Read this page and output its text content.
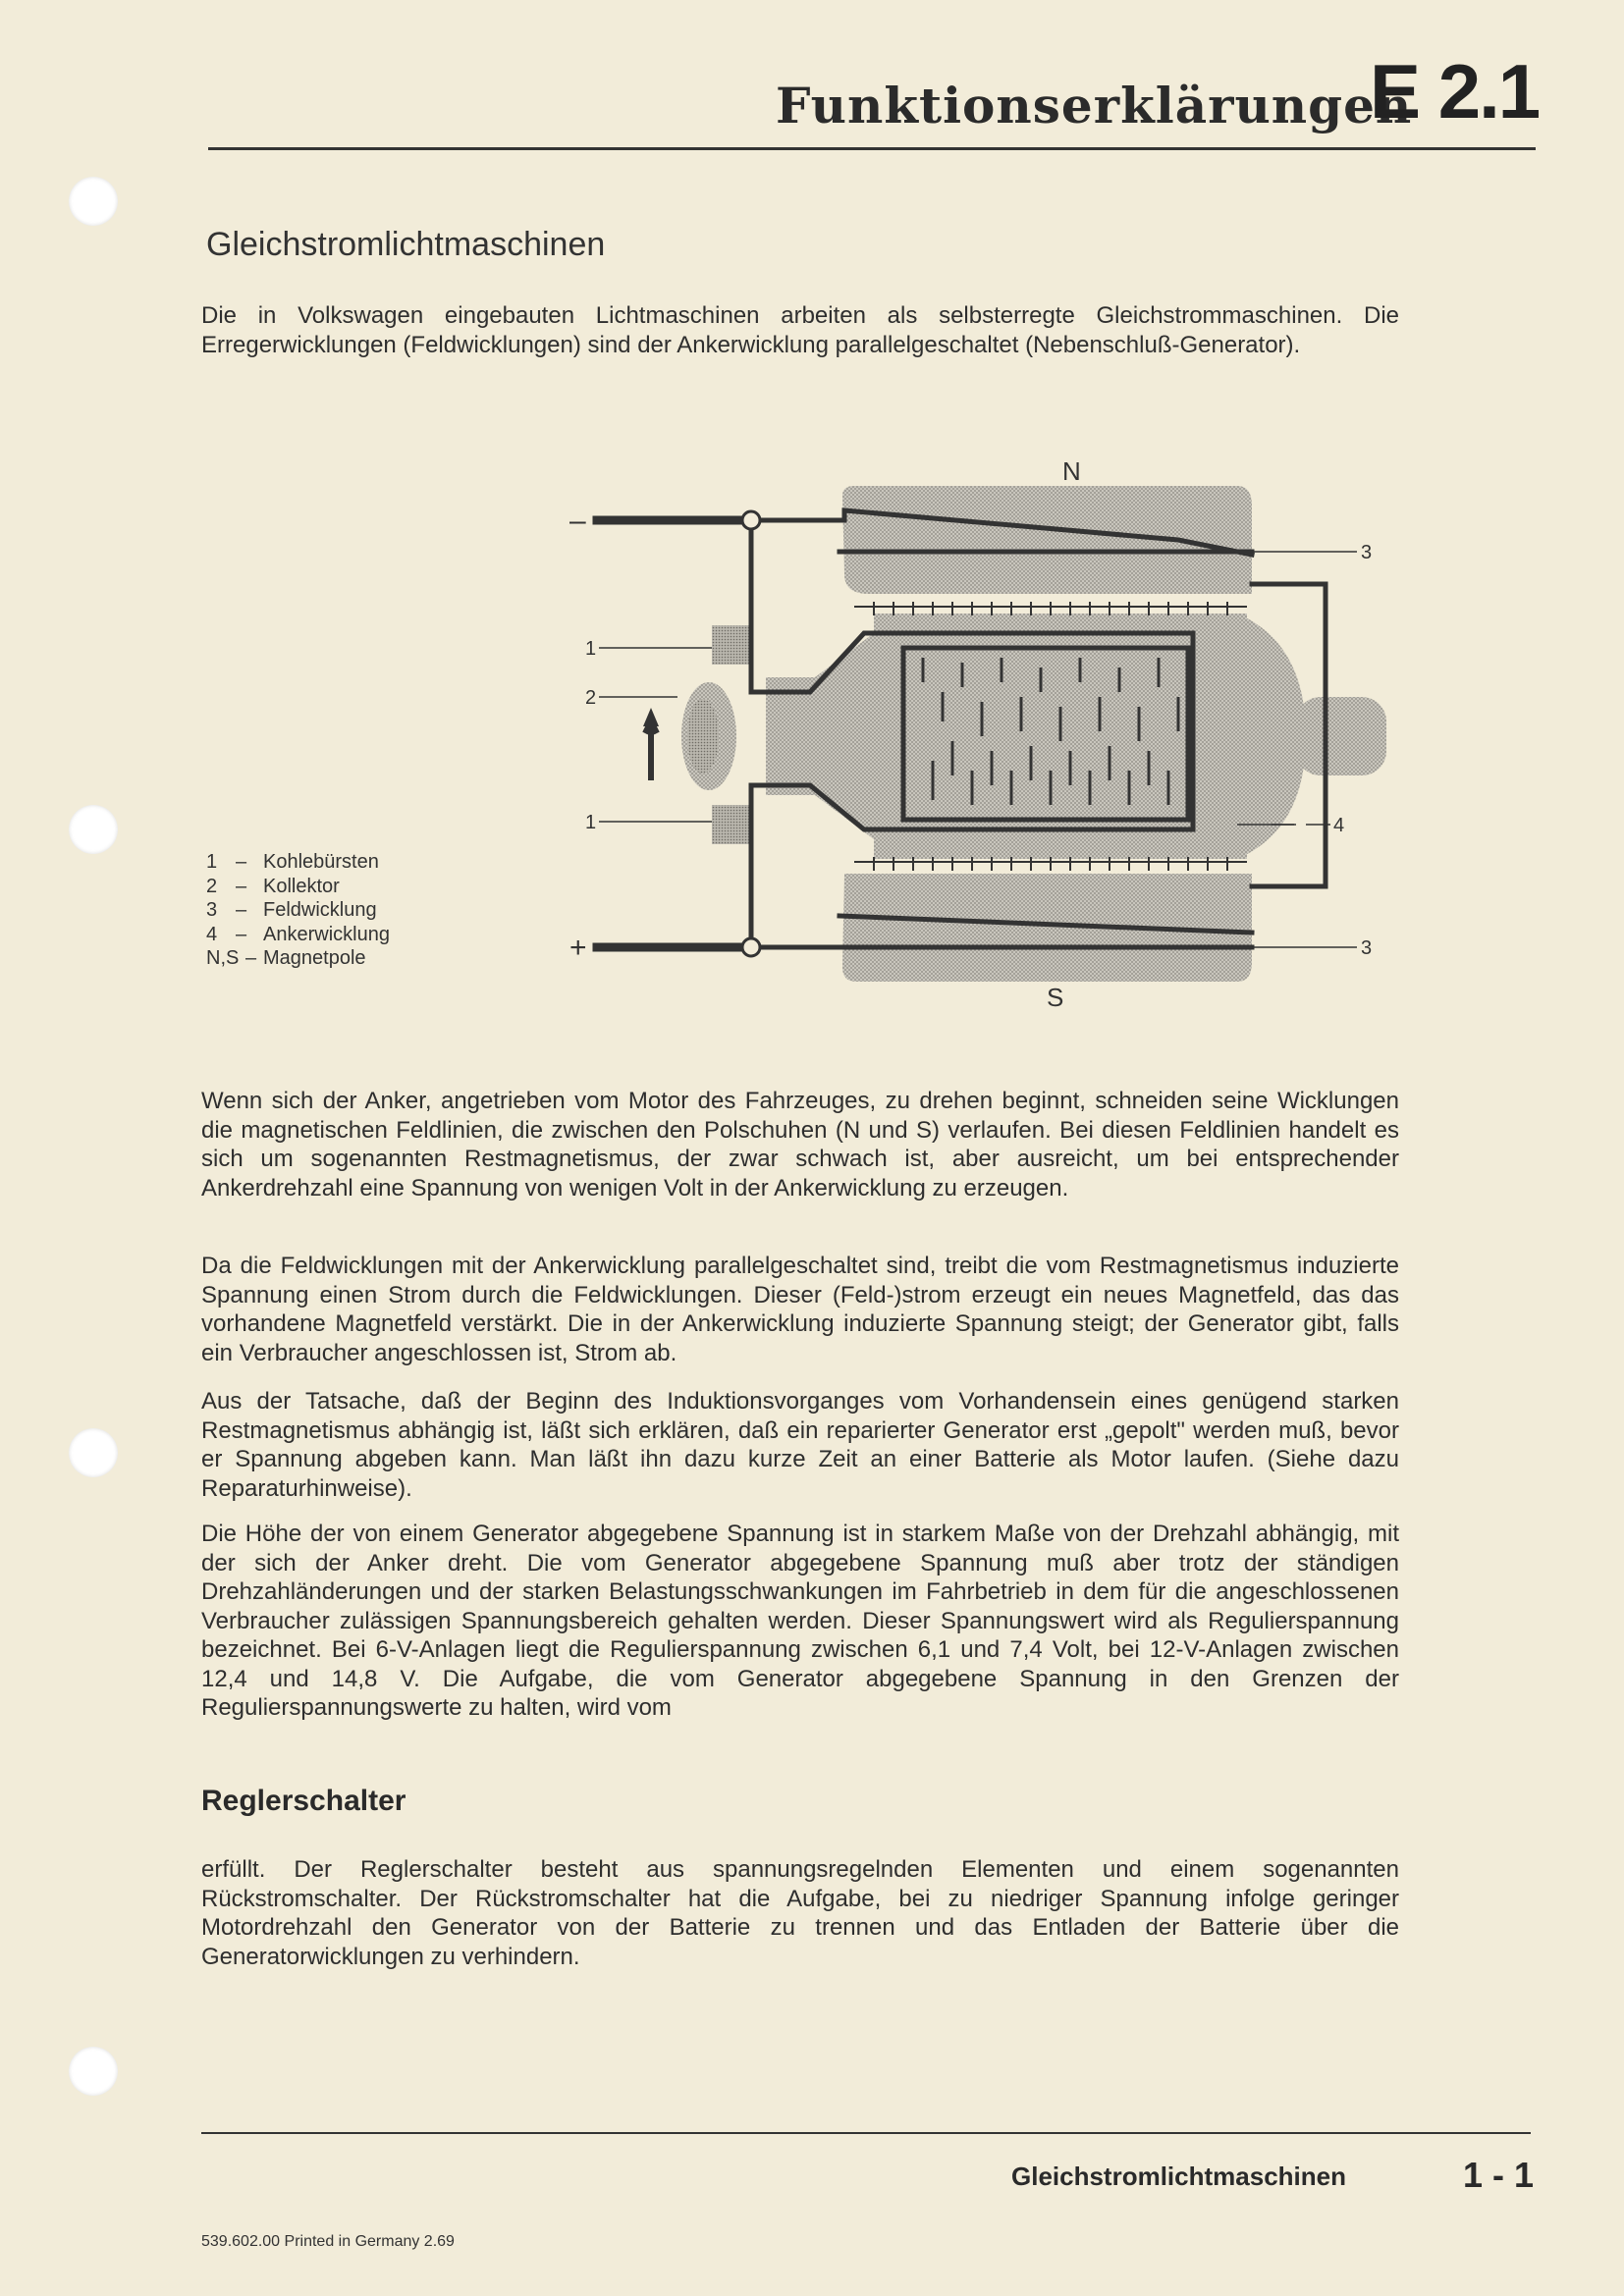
Funktionserklärungen
E 2.1
Gleichstromlichtmaschinen
Die in Volkswagen eingebauten Lichtmaschinen arbeiten als selbsterregte Gleichstrommaschinen. Die Erregerwicklungen (Feldwicklungen) sind der Ankerwicklung parallelgeschaltet (Nebenschluß-Generator).
N
S
–
+
1
2
1
3
4
3
1 – Kohlebürsten
2 – Kollektor
3 – Feldwicklung
4 – Ankerwicklung
N,S – Magnetpole
Wenn sich der Anker, angetrieben vom Motor des Fahrzeuges, zu drehen beginnt, schneiden seine Wicklungen die magnetischen Feldlinien, die zwischen den Polschuhen (N und S) verlaufen. Bei diesen Feldlinien handelt es sich um sogenannten Restmagnetismus, der zwar schwach ist, aber ausreicht, um bei entsprechender Ankerdrehzahl eine Spannung von wenigen Volt in der Ankerwicklung zu erzeugen.
Da die Feldwicklungen mit der Ankerwicklung parallelgeschaltet sind, treibt die vom Restmagnetismus induzierte Spannung einen Strom durch die Feldwicklungen. Dieser (Feld-)strom erzeugt ein neues Magnetfeld, das das vorhandene Magnetfeld verstärkt. Die in der Ankerwicklung induzierte Spannung steigt; der Generator gibt, falls ein Verbraucher angeschlossen ist, Strom ab.
Aus der Tatsache, daß der Beginn des Induktionsvorganges vom Vorhandensein eines genügend starken Restmagnetismus abhängig ist, läßt sich erklären, daß ein reparierter Generator erst „gepolt" werden muß, bevor er Spannung abgeben kann. Man läßt ihn dazu kurze Zeit an einer Batterie als Motor laufen. (Siehe dazu Reparaturhinweise).
Die Höhe der von einem Generator abgegebene Spannung ist in starkem Maße von der Drehzahl abhängig, mit der sich der Anker dreht. Die vom Generator abgegebene Spannung muß aber trotz der ständigen Drehzahländerungen und der starken Belastungsschwankungen im Fahrbetrieb in dem für die angeschlossenen Verbraucher zulässigen Spannungsbereich gehalten werden. Dieser Spannungswert wird als Regulierspannung bezeichnet. Bei 6-V-Anlagen liegt die Regulierspannung zwischen 6,1 und 7,4 Volt, bei 12-V-Anlagen zwischen 12,4 und 14,8 V. Die Aufgabe, die vom Generator abgegebene Spannung in den Grenzen der Regulierspannungswerte zu halten, wird vom
Reglerschalter
erfüllt. Der Reglerschalter besteht aus spannungsregelnden Elementen und einem sogenannten Rückstromschalter. Der Rückstromschalter hat die Aufgabe, bei zu niedriger Spannung infolge geringer Motordrehzahl den Generator von der Batterie zu trennen und das Entladen der Batterie über die Generatorwicklungen zu verhindern.
Gleichstromlichtmaschinen	1 - 1
539.602.00 Printed in Germany 2.69
